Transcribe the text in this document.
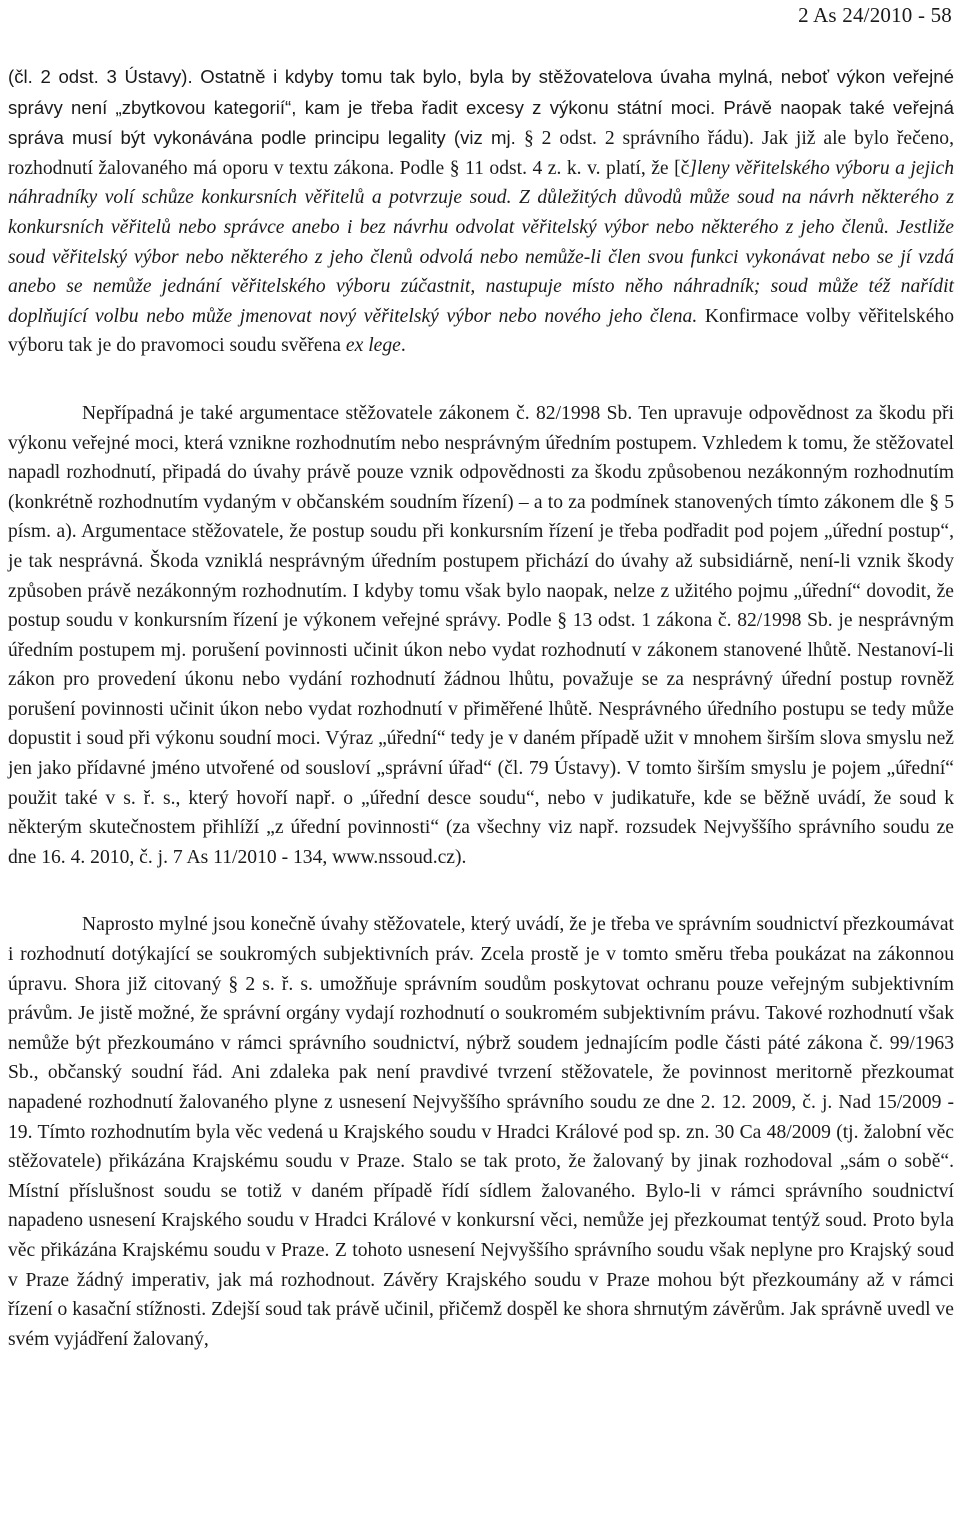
2 As 24/2010 - 58

(čl. 2 odst. 3 Ústavy). Ostatně i kdyby tomu tak bylo, byla by stěžovatelova úvaha mylná, neboť výkon veřejné správy není „zbytkovou kategorií“, kam je třeba řadit excesy z výkonu státní moci. Právě naopak také veřejná správa musí být vykonávána podle principu legality (viz mj. § 2 odst. 2 správního řádu). Jak již ale bylo řečeno, rozhodnutí žalovaného má oporu v textu zákona. Podle § 11 odst. 4 z. k. v. platí, že [č]leny věřitelského výboru a jejich náhradníky volí schůze konkursních věřitelů a potvrzuje soud. Z důležitých důvodů může soud na návrh některého z konkursních věřitelů nebo správce anebo i bez návrhu odvolat věřitelský výbor nebo některého z jeho členů. Jestliže soud věřitelský výbor nebo některého z jeho členů odvolá nebo nemůže-li člen svou funkci vykonávat nebo se jí vzdá anebo se nemůže jednání věřitelského výboru zúčastnit, nastupuje místo něho náhradník; soud může též nařídit doplňující volbu nebo může jmenovat nový věřitelský výbor nebo nového jeho člena. Konfirmace volby věřitelského výboru tak je do pravomoci soudu svěřena ex lege.

Nepřípadná je také argumentace stěžovatele zákonem č. 82/1998 Sb. Ten upravuje odpovědnost za škodu při výkonu veřejné moci, která vznikne rozhodnutím nebo nesprávným úředním postupem. Vzhledem k tomu, že stěžovatel napadl rozhodnutí, připadá do úvahy právě pouze vznik odpovědnosti za škodu způsobenou nezákonným rozhodnutím (konkrétně rozhodnutím vydaným v občanském soudním řízení) – a to za podmínek stanovených tímto zákonem dle § 5 písm. a). Argumentace stěžovatele, že postup soudu při konkursním řízení je třeba podřadit pod pojem „úřední postup“, je tak nesprávná. Škoda vzniklá nesprávným úředním postupem přichází do úvahy až subsidiárně, není-li vznik škody způsoben právě nezákonným rozhodnutím. I kdyby tomu však bylo naopak, nelze z užitého pojmu „úřední“ dovodit, že postup soudu v konkursním řízení je výkonem veřejné správy. Podle § 13 odst. 1 zákona č. 82/1998 Sb. je nesprávným úředním postupem mj. porušení povinnosti učinit úkon nebo vydat rozhodnutí v zákonem stanovené lhůtě. Nestanoví-li zákon pro provedení úkonu nebo vydání rozhodnutí žádnou lhůtu, považuje se za nesprávný úřední postup rovněž porušení povinnosti učinit úkon nebo vydat rozhodnutí v přiměřené lhůtě. Nesprávného úředního postupu se tedy může dopustit i soud při výkonu soudní moci. Výraz „úřední“ tedy je v daném případě užit v mnohem širším slova smyslu než jen jako přídavné jméno utvořené od sousloví „správní úřad“ (čl. 79 Ústavy). V tomto širším smyslu je pojem „úřední“ použit také v s. ř. s., který hovoří např. o „úřední desce soudu“, nebo v judikatuře, kde se běžně uvádí, že soud k některým skutečnostem přihlíží „z úřední povinnosti“ (za všechny viz např. rozsudek Nejvyššího správního soudu ze dne 16. 4. 2010, č. j. 7 As 11/2010 - 134, www.nssoud.cz).

Naprosto mylné jsou konečně úvahy stěžovatele, který uvádí, že je třeba ve správním soudnictví přezkoumávat i rozhodnutí dotýkající se soukromých subjektivních práv. Zcela prostě je v tomto směru třeba poukázat na zákonnou úpravu. Shora již citovaný § 2 s. ř. s. umožňuje správním soudům poskytovat ochranu pouze veřejným subjektivním právům. Je jistě možné, že správní orgány vydají rozhodnutí o soukromém subjektivním právu. Takové rozhodnutí však nemůže být přezkoumáno v rámci správního soudnictví, nýbrž soudem jednajícím podle části páté zákona č. 99/1963 Sb., občanský soudní řád. Ani zdaleka pak není pravdivé tvrzení stěžovatele, že povinnost meritorně přezkoumat napadené rozhodnutí žalovaného plyne z usnesení Nejvyššího správního soudu ze dne 2. 12. 2009, č. j. Nad 15/2009 - 19. Tímto rozhodnutím byla věc vedená u Krajského soudu v Hradci Králové pod sp. zn. 30 Ca 48/2009 (tj. žalobní věc stěžovatele) přikázána Krajskému soudu v Praze. Stalo se tak proto, že žalovaný by jinak rozhodoval „sám o sobě“. Místní příslušnost soudu se totiž v daném případě řídí sídlem žalovaného. Bylo-li v rámci správního soudnictví napadeno usnesení Krajského soudu v Hradci Králové v konkursní věci, nemůže jej přezkoumat tentýž soud. Proto byla věc přikázána Krajskému soudu v Praze. Z tohoto usnesení Nejvyššího správního soudu však neplyne pro Krajský soud v Praze žádný imperativ, jak má rozhodnout. Závěry Krajského soudu v Praze mohou být přezkoumány až v rámci řízení o kasační stížnosti. Zdejší soud tak právě učinil, přičemž dospěl ke shora shrnutým závěrům. Jak správně uvedl ve svém vyjádření žalovaný,
